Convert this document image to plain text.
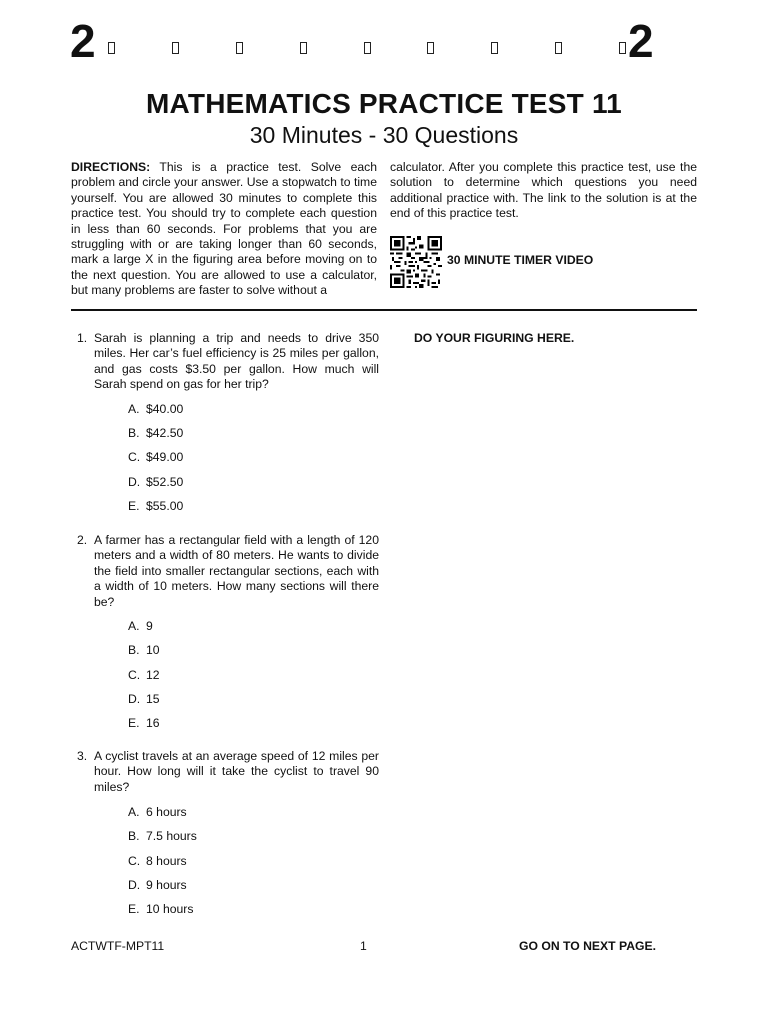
2	2
MATHEMATICS PRACTICE TEST 11
30 Minutes - 30 Questions
DIRECTIONS: This is a practice test. Solve each problem and circle your answer. Use a stopwatch to time yourself. You are allowed 30 minutes to complete this practice test. You should try to complete each question in less than 60 seconds. For problems that you are struggling with or are taking longer than 60 seconds, mark a large X in the figuring area before moving on to the next question. You are allowed to use a calculator, but many problems are faster to solve without a
calculator. After you complete this practice test, use the solution to determine which questions you need additional practice with. The link to the solution is at the end of this practice test.
30 MINUTE TIMER VIDEO
DO YOUR FIGURING HERE.
1. Sarah is planning a trip and needs to drive 350 miles. Her car’s fuel efficiency is 25 miles per gallon, and gas costs $3.50 per gallon. How much will Sarah spend on gas for her trip?
A. $40.00
B. $42.50
C. $49.00
D. $52.50
E. $55.00
2. A farmer has a rectangular field with a length of 120 meters and a width of 80 meters. He wants to divide the field into smaller rectangular sections, each with a width of 10 meters. How many sections will there be?
A. 9
B. 10
C. 12
D. 15
E. 16
3. A cyclist travels at an average speed of 12 miles per hour. How long will it take the cyclist to travel 90 miles?
A. 6 hours
B. 7.5 hours
C. 8 hours
D. 9 hours
E. 10 hours
ACTWTF-MPT11	1	GO ON TO NEXT PAGE.
